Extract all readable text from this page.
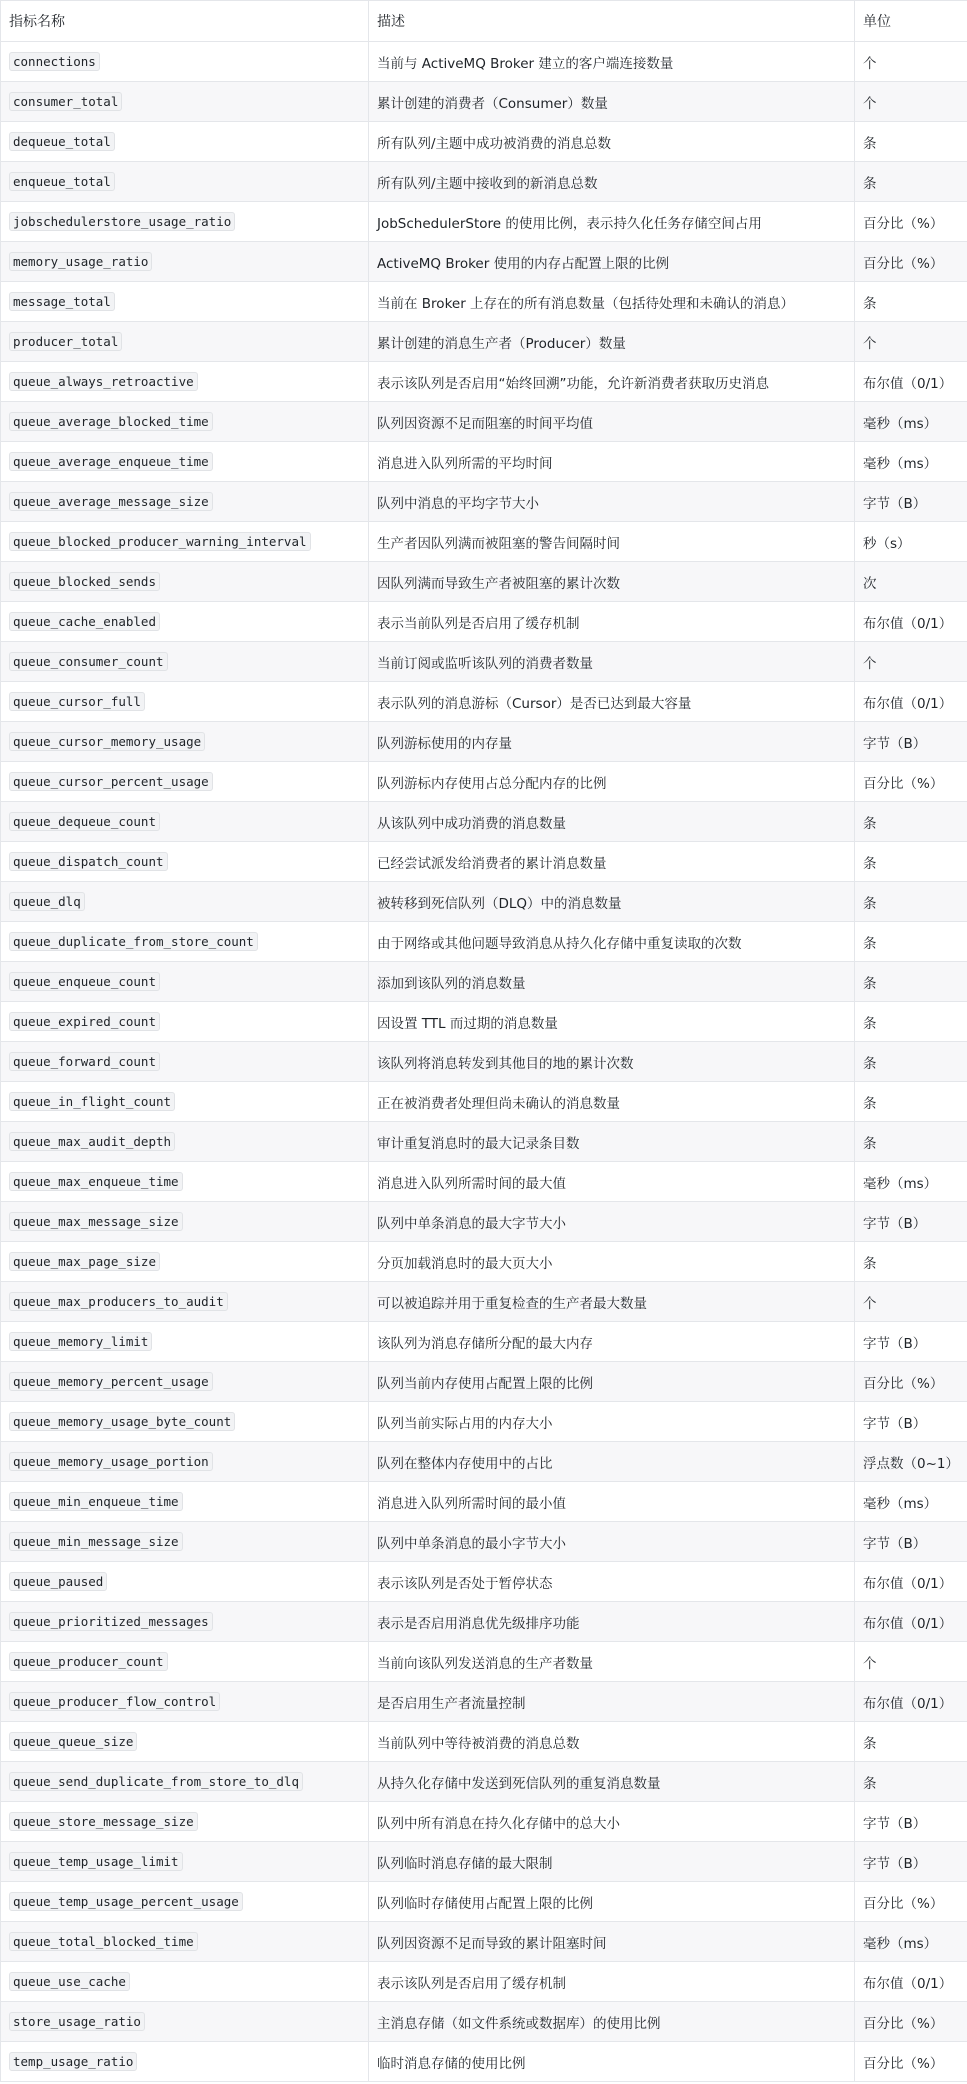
指标名称	描述	单位
connections	当前与 ActiveMQ Broker 建立的客户端连接数量	个
consumer_total	累计创建的消费者（Consumer）数量	个
dequeue_total	所有队列/主题中成功被消费的消息总数	条
enqueue_total	所有队列/主题中接收到的新消息总数	条
jobschedulerstore_usage_ratio	JobSchedulerStore 的使用比例，表示持久化任务存储空间占用	百分比（%）
memory_usage_ratio	ActiveMQ Broker 使用的内存占配置上限的比例	百分比（%）
message_total	当前在 Broker 上存在的所有消息数量（包括待处理和未确认的消息）	条
producer_total	累计创建的消息生产者（Producer）数量	个
queue_always_retroactive	表示该队列是否启用“始终回溯”功能，允许新消费者获取历史消息	布尔值（0/1）
queue_average_blocked_time	队列因资源不足而阻塞的时间平均值	毫秒（ms）
queue_average_enqueue_time	消息进入队列所需的平均时间	毫秒（ms）
queue_average_message_size	队列中消息的平均字节大小	字节（B）
queue_blocked_producer_warning_interval	生产者因队列满而被阻塞的警告间隔时间	秒（s）
queue_blocked_sends	因队列满而导致生产者被阻塞的累计次数	次
queue_cache_enabled	表示当前队列是否启用了缓存机制	布尔值（0/1）
queue_consumer_count	当前订阅或监听该队列的消费者数量	个
queue_cursor_full	表示队列的消息游标（Cursor）是否已达到最大容量	布尔值（0/1）
queue_cursor_memory_usage	队列游标使用的内存量	字节（B）
queue_cursor_percent_usage	队列游标内存使用占总分配内存的比例	百分比（%）
queue_dequeue_count	从该队列中成功消费的消息数量	条
queue_dispatch_count	已经尝试派发给消费者的累计消息数量	条
queue_dlq	被转移到死信队列（DLQ）中的消息数量	条
queue_duplicate_from_store_count	由于网络或其他问题导致消息从持久化存储中重复读取的次数	条
queue_enqueue_count	添加到该队列的消息数量	条
queue_expired_count	因设置 TTL 而过期的消息数量	条
queue_forward_count	该队列将消息转发到其他目的地的累计次数	条
queue_in_flight_count	正在被消费者处理但尚未确认的消息数量	条
queue_max_audit_depth	审计重复消息时的最大记录条目数	条
queue_max_enqueue_time	消息进入队列所需时间的最大值	毫秒（ms）
queue_max_message_size	队列中单条消息的最大字节大小	字节（B）
queue_max_page_size	分页加载消息时的最大页大小	条
queue_max_producers_to_audit	可以被追踪并用于重复检查的生产者最大数量	个
queue_memory_limit	该队列为消息存储所分配的最大内存	字节（B）
queue_memory_percent_usage	队列当前内存使用占配置上限的比例	百分比（%）
queue_memory_usage_byte_count	队列当前实际占用的内存大小	字节（B）
queue_memory_usage_portion	队列在整体内存使用中的占比	浮点数（0~1）
queue_min_enqueue_time	消息进入队列所需时间的最小值	毫秒（ms）
queue_min_message_size	队列中单条消息的最小字节大小	字节（B）
queue_paused	表示该队列是否处于暂停状态	布尔值（0/1）
queue_prioritized_messages	表示是否启用消息优先级排序功能	布尔值（0/1）
queue_producer_count	当前向该队列发送消息的生产者数量	个
queue_producer_flow_control	是否启用生产者流量控制	布尔值（0/1）
queue_queue_size	当前队列中等待被消费的消息总数	条
queue_send_duplicate_from_store_to_dlq	从持久化存储中发送到死信队列的重复消息数量	条
queue_store_message_size	队列中所有消息在持久化存储中的总大小	字节（B）
queue_temp_usage_limit	队列临时消息存储的最大限制	字节（B）
queue_temp_usage_percent_usage	队列临时存储使用占配置上限的比例	百分比（%）
queue_total_blocked_time	队列因资源不足而导致的累计阻塞时间	毫秒（ms）
queue_use_cache	表示该队列是否启用了缓存机制	布尔值（0/1）
store_usage_ratio	主消息存储（如文件系统或数据库）的使用比例	百分比（%）
temp_usage_ratio	临时消息存储的使用比例	百分比（%）
